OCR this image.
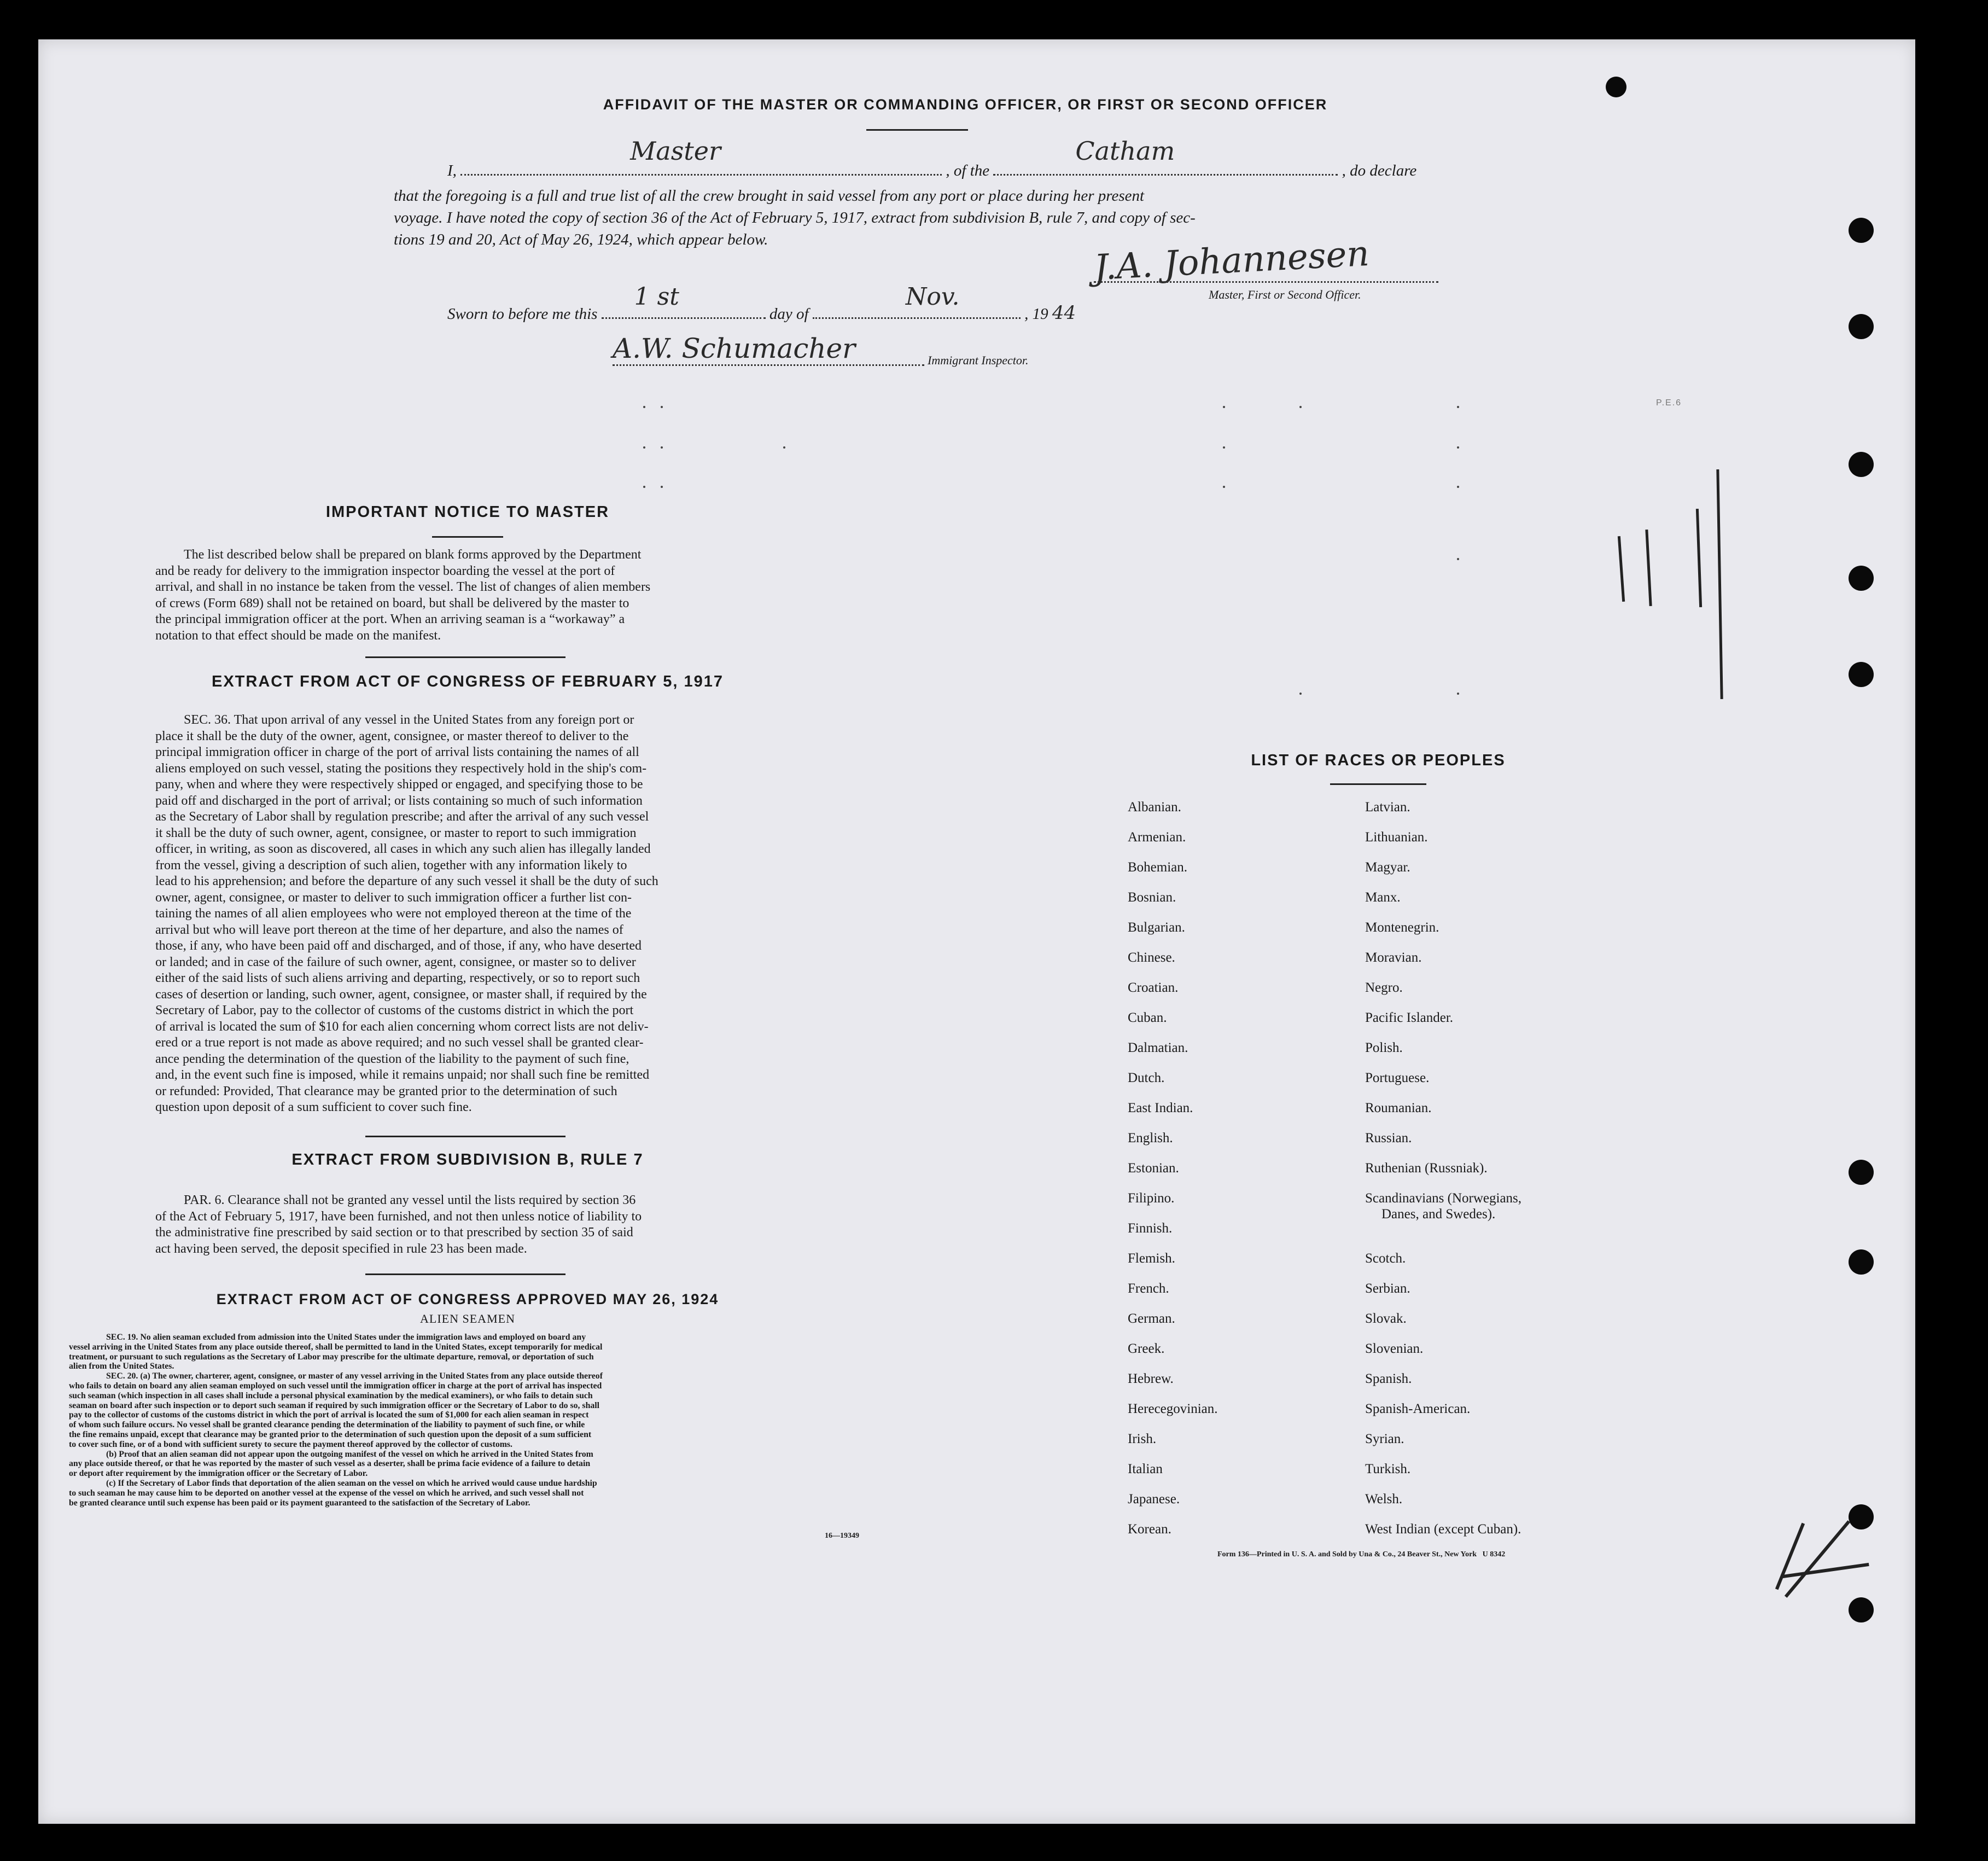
AFFIDAVIT OF THE MASTER OR COMMANDING OFFICER, OR FIRST OR SECOND OFFICER
I,
Master
, of the
Catham
, do declare
that the foregoing is a full and true list of all the crew brought in said vessel from any port or place during her present
voyage. I have noted the copy of section 36 of the Act of February 5, 1917, extract from subdivision B, rule 7, and copy of sec-
tions 19 and 20, Act of May 26, 1924, which appear below.	J.A. Johannesen
Master, First or Second Officer.
Sworn to before me this
1 st
day of
Nov.
, 19 44
A.W. Schumacher	Immigrant Inspector.
P.E.6
IMPORTANT NOTICE TO MASTER
The list described below shall be prepared on blank forms approved by the Department
and be ready for delivery to the immigration inspector boarding the vessel at the port of
arrival, and shall in no instance be taken from the vessel. The list of changes of alien members
of crews (Form 689) shall not be retained on board, but shall be delivered by the master to
the principal immigration officer at the port. When an arriving seaman is a “workaway” a
notation to that effect should be made on the manifest.
EXTRACT FROM ACT OF CONGRESS OF FEBRUARY 5, 1917
SEC. 36. That upon arrival of any vessel in the United States from any foreign port or
place it shall be the duty of the owner, agent, consignee, or master thereof to deliver to the
principal immigration officer in charge of the port of arrival lists containing the names of all
aliens employed on such vessel, stating the positions they respectively hold in the ship's com-
pany, when and where they were respectively shipped or engaged, and specifying those to be
paid off and discharged in the port of arrival; or lists containing so much of such information
as the Secretary of Labor shall by regulation prescribe; and after the arrival of any such vessel
it shall be the duty of such owner, agent, consignee, or master to report to such immigration
officer, in writing, as soon as discovered, all cases in which any such alien has illegally landed
from the vessel, giving a description of such alien, together with any information likely to
lead to his apprehension; and before the departure of any such vessel it shall be the duty of such
owner, agent, consignee, or master to deliver to such immigration officer a further list con-
taining the names of all alien employees who were not employed thereon at the time of the
arrival but who will leave port thereon at the time of her departure, and also the names of
those, if any, who have been paid off and discharged, and of those, if any, who have deserted
or landed; and in case of the failure of such owner, agent, consignee, or master so to deliver
either of the said lists of such aliens arriving and departing, respectively, or so to report such
cases of desertion or landing, such owner, agent, consignee, or master shall, if required by the
Secretary of Labor, pay to the collector of customs of the customs district in which the port
of arrival is located the sum of $10 for each alien concerning whom correct lists are not deliv-
ered or a true report is not made as above required; and no such vessel shall be granted clear-
ance pending the determination of the question of the liability to the payment of such fine,
and, in the event such fine is imposed, while it remains unpaid; nor shall such fine be remitted
or refunded: Provided, That clearance may be granted prior to the determination of such
question upon deposit of a sum sufficient to cover such fine.
EXTRACT FROM SUBDIVISION B, RULE 7
PAR. 6. Clearance shall not be granted any vessel until the lists required by section 36
of the Act of February 5, 1917, have been furnished, and not then unless notice of liability to
the administrative fine prescribed by said section or to that prescribed by section 35 of said
act having been served, the deposit specified in rule 23 has been made.
EXTRACT FROM ACT OF CONGRESS APPROVED MAY 26, 1924
ALIEN SEAMEN
SEC. 19. No alien seaman excluded from admission into the United States under the immigration laws and employed on board any
vessel arriving in the United States from any place outside thereof, shall be permitted to land in the United States, except temporarily for medical
treatment, or pursuant to such regulations as the Secretary of Labor may prescribe for the ultimate departure, removal, or deportation of such
alien from the United States.
SEC. 20. (a) The owner, charterer, agent, consignee, or master of any vessel arriving in the United States from any place outside thereof
who fails to detain on board any alien seaman employed on such vessel until the immigration officer in charge at the port of arrival has inspected
such seaman (which inspection in all cases shall include a personal physical examination by the medical examiners), or who fails to detain such
seaman on board after such inspection or to deport such seaman if required by such immigration officer or the Secretary of Labor to do so, shall
pay to the collector of customs of the customs district in which the port of arrival is located the sum of $1,000 for each alien seaman in respect
of whom such failure occurs. No vessel shall be granted clearance pending the determination of the liability to payment of such fine, or while
the fine remains unpaid, except that clearance may be granted prior to the determination of such question upon the deposit of a sum sufficient
to cover such fine, or of a bond with sufficient surety to secure the payment thereof approved by the collector of customs.
(b) Proof that an alien seaman did not appear upon the outgoing manifest of the vessel on which he arrived in the United States from
any place outside thereof, or that he was reported by the master of such vessel as a deserter, shall be prima facie evidence of a failure to detain
or deport after requirement by the immigration officer or the Secretary of Labor.
(c) If the Secretary of Labor finds that deportation of the alien seaman on the vessel on which he arrived would cause undue hardship
to such seaman he may cause him to be deported on another vessel at the expense of the vessel on which he arrived, and such vessel shall not
be granted clearance until such expense has been paid or its payment guaranteed to the satisfaction of the Secretary of Labor.
16—19349
LIST OF RACES OR PEOPLES
Albanian.
Armenian.
Bohemian.
Bosnian.
Bulgarian.
Chinese.
Croatian.
Cuban.
Dalmatian.
Dutch.
East Indian.
English.
Estonian.
Filipino.
Finnish.
Flemish.
French.
German.
Greek.
Hebrew.
Herecegovinian.
Irish.
Italian
Japanese.
Korean.
Latvian.
Lithuanian.
Magyar.
Manx.
Montenegrin.
Moravian.
Negro.
Pacific Islander.
Polish.
Portuguese.
Roumanian.
Russian.
Ruthenian (Russniak).
Scandinavians (Norwegians,
Danes, and Swedes).
Scotch.
Serbian.
Slovak.
Slovenian.
Spanish.
Spanish-American.
Syrian.
Turkish.
Welsh.
West Indian (except Cuban).
Form 136—Printed in U. S. A. and Sold by Una & Co., 24 Beaver St., New York   U 8342
